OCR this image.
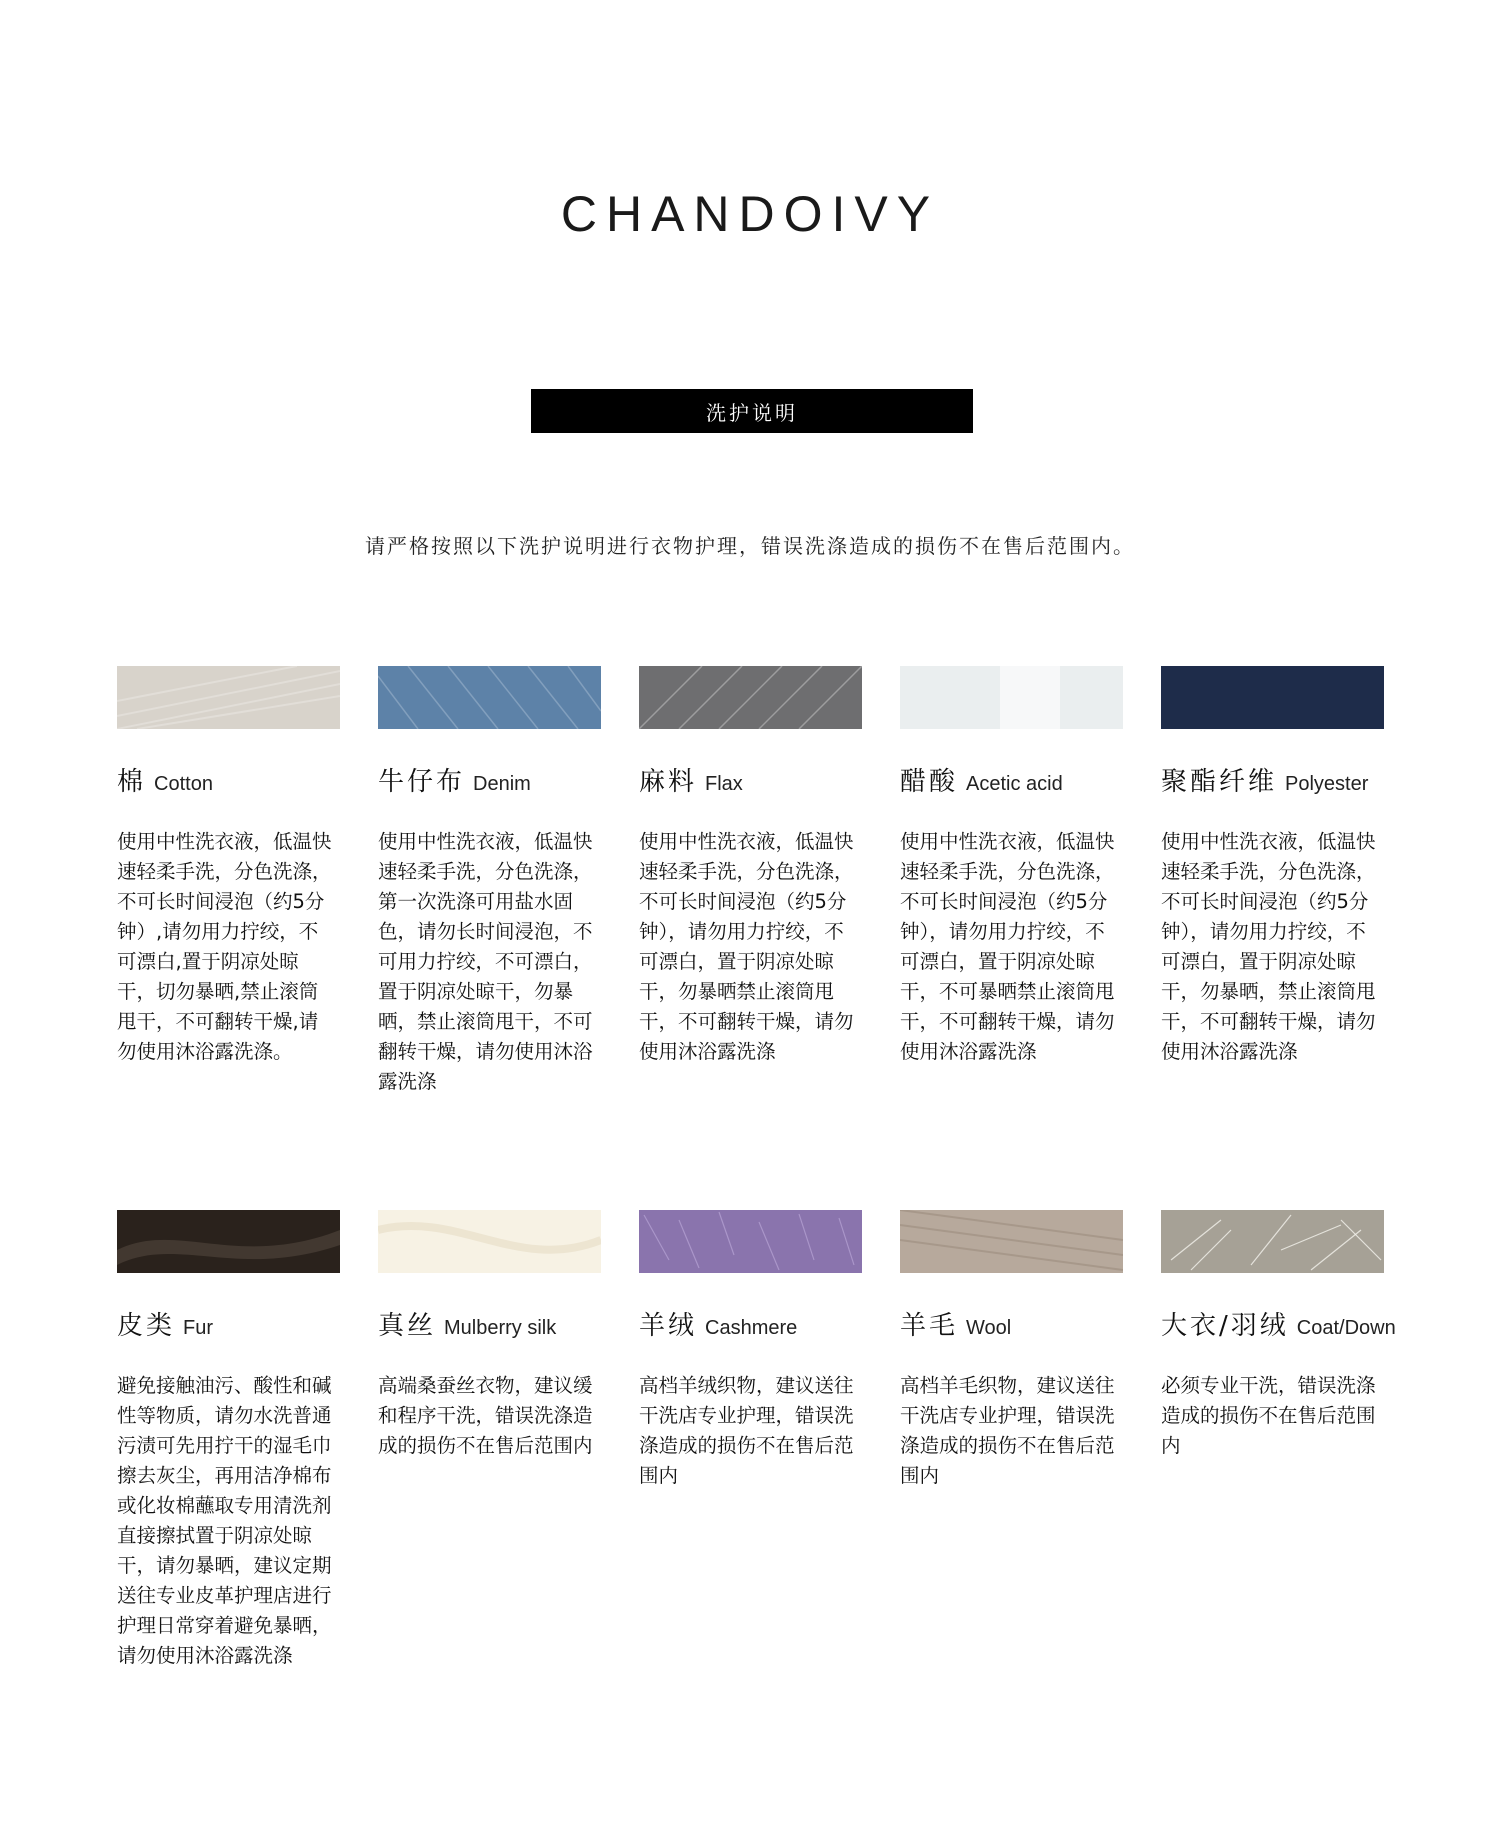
CHANDOIVY
洗护说明
请严格按照以下洗护说明进行衣物护理，错误洗涤造成的损伤不在售后范围内。
棉 Cotton
使用中性洗衣液，低温快速轻柔手洗，分色洗涤，不可长时间浸泡（约5分钟）,请勿用力拧绞，不可漂白,置于阴凉处晾干，切勿暴晒,禁止滚筒甩干，不可翻转干燥,请勿使用沐浴露洗涤。
牛仔布 Denim
使用中性洗衣液，低温快速轻柔手洗，分色洗涤，第一次洗涤可用盐水固色，请勿长时间浸泡，不可用力拧绞，不可漂白，置于阴凉处晾干，勿暴晒，禁止滚筒甩干，不可翻转干燥，请勿使用沐浴露洗涤
麻料 Flax
使用中性洗衣液，低温快速轻柔手洗，分色洗涤，不可长时间浸泡（约5分钟），请勿用力拧绞，不可漂白，置于阴凉处晾干，勿暴晒禁止滚筒甩干，不可翻转干燥，请勿使用沐浴露洗涤
醋酸 Acetic acid
使用中性洗衣液，低温快速轻柔手洗，分色洗涤，不可长时间浸泡（约5分钟），请勿用力拧绞，不可漂白，置于阴凉处晾干，不可暴晒禁止滚筒甩干，不可翻转干燥，请勿使用沐浴露洗涤
聚酯纤维 Polyester
使用中性洗衣液，低温快速轻柔手洗，分色洗涤，不可长时间浸泡（约5分钟），请勿用力拧绞，不可漂白，置于阴凉处晾干，勿暴晒，禁止滚筒甩干，不可翻转干燥，请勿使用沐浴露洗涤
皮类 Fur
避免接触油污、酸性和碱性等物质，请勿水洗普通污渍可先用拧干的湿毛巾擦去灰尘，再用洁净棉布或化妆棉蘸取专用清洗剂直接擦拭置于阴凉处晾干，请勿暴晒，建议定期送往专业皮革护理店进行护理日常穿着避免暴晒，请勿使用沐浴露洗涤
真丝 Mulberry silk
高端桑蚕丝衣物，建议缓和程序干洗，错误洗涤造成的损伤不在售后范围内
羊绒 Cashmere
高档羊绒织物，建议送往干洗店专业护理，错误洗涤造成的损伤不在售后范围内
羊毛 Wool
高档羊毛织物，建议送往干洗店专业护理，错误洗涤造成的损伤不在售后范围内
大衣/羽绒 Coat/Down
必须专业干洗，错误洗涤造成的损伤不在售后范围内
